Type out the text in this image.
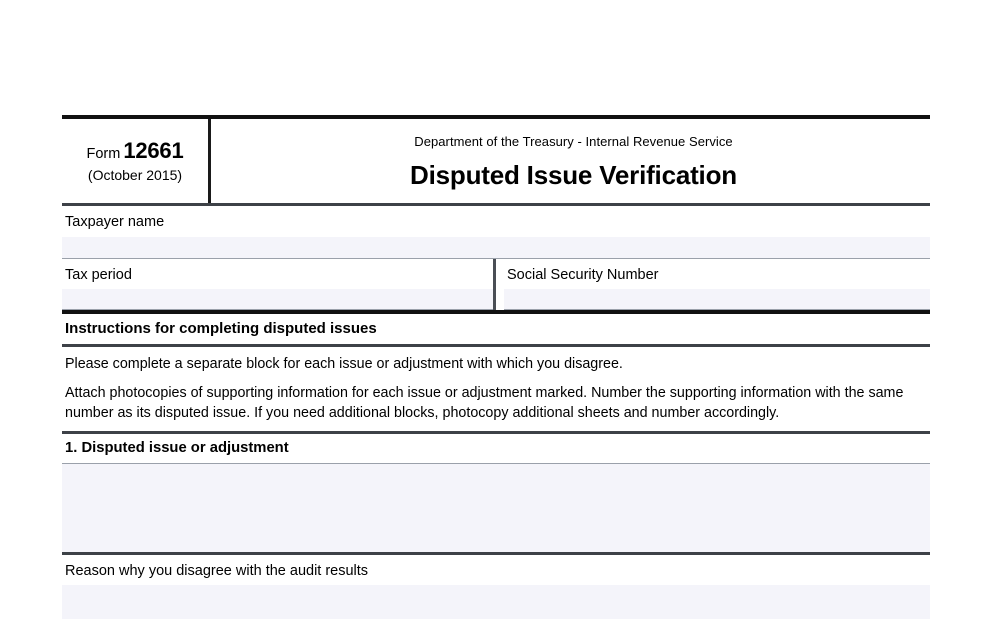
Form 12661
(October 2015)
Department of the Treasury - Internal Revenue Service
Disputed Issue Verification
Taxpayer name
Tax period	Social Security Number
Instructions for completing disputed issues

Please complete a separate block for each issue or adjustment with which you disagree.

Attach photocopies of supporting information for each issue or adjustment marked. Number the supporting information with the same number as its disputed issue. If you need additional blocks, photocopy additional sheets and number accordingly.

1. Disputed issue or adjustment
Reason why you disagree with the audit results
